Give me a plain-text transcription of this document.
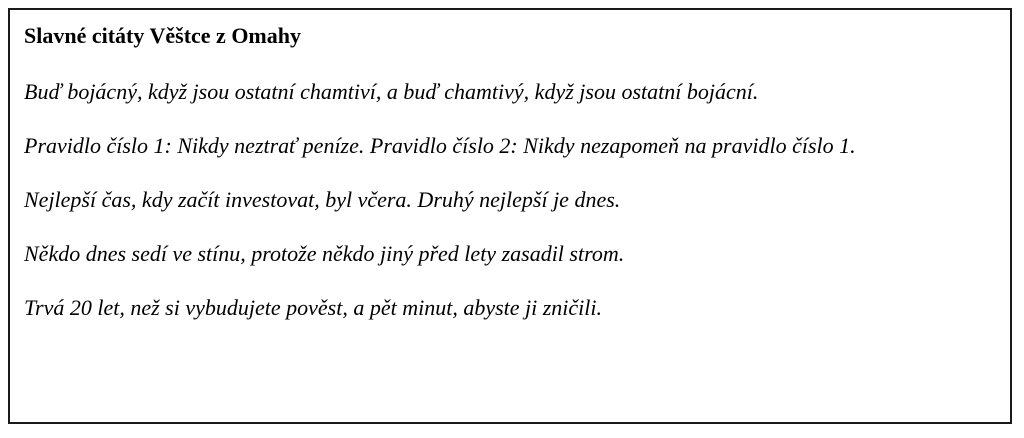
Slavné citáty Věštce z Omahy

Buď bojácný, když jsou ostatní chamtiví, a buď chamtivý, když jsou ostatní bojácní.

Pravidlo číslo 1: Nikdy neztrať peníze. Pravidlo číslo 2: Nikdy nezapomeň na pravidlo číslo 1.

Nejlepší čas, kdy začít investovat, byl včera. Druhý nejlepší je dnes.

Někdo dnes sedí ve stínu, protože někdo jiný před lety zasadil strom.

Trvá 20 let, než si vybudujete pověst, a pět minut, abyste ji zničili.
